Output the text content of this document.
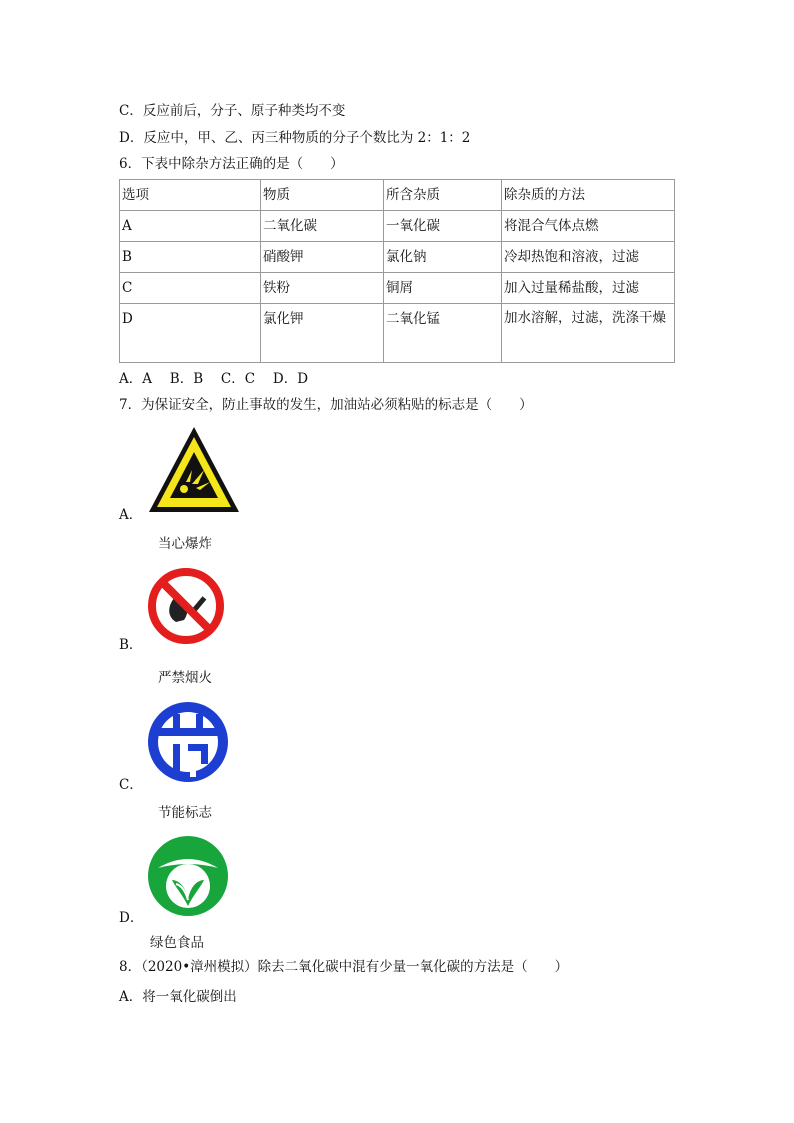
C．反应前后，分子、原子种类均不变
D．反应中，甲、乙、丙三种物质的分子个数比为 2：1：2
6．下表中除杂方法正确的是（　　）
选项	物质	所含杂质	除杂质的方法
A	二氧化碳	一氧化碳	将混合气体点燃
B	硝酸钾	氯化钠	冷却热饱和溶液，过滤
C	铁粉	铜屑	加入过量稀盐酸，过滤
D	氯化钾	二氧化锰	加水溶解，过滤，洗涤干燥
A．A　 B．B　 C．C　 D．D
7．为保证安全，防止事故的发生，加油站必须粘贴的标志是（　　）
A．
当心爆炸
B．
严禁烟火
C．
节能标志
D．
绿色食品
8．（2020•漳州模拟）除去二氧化碳中混有少量一氧化碳的方法是（　　）
A．将一氧化碳倒出
